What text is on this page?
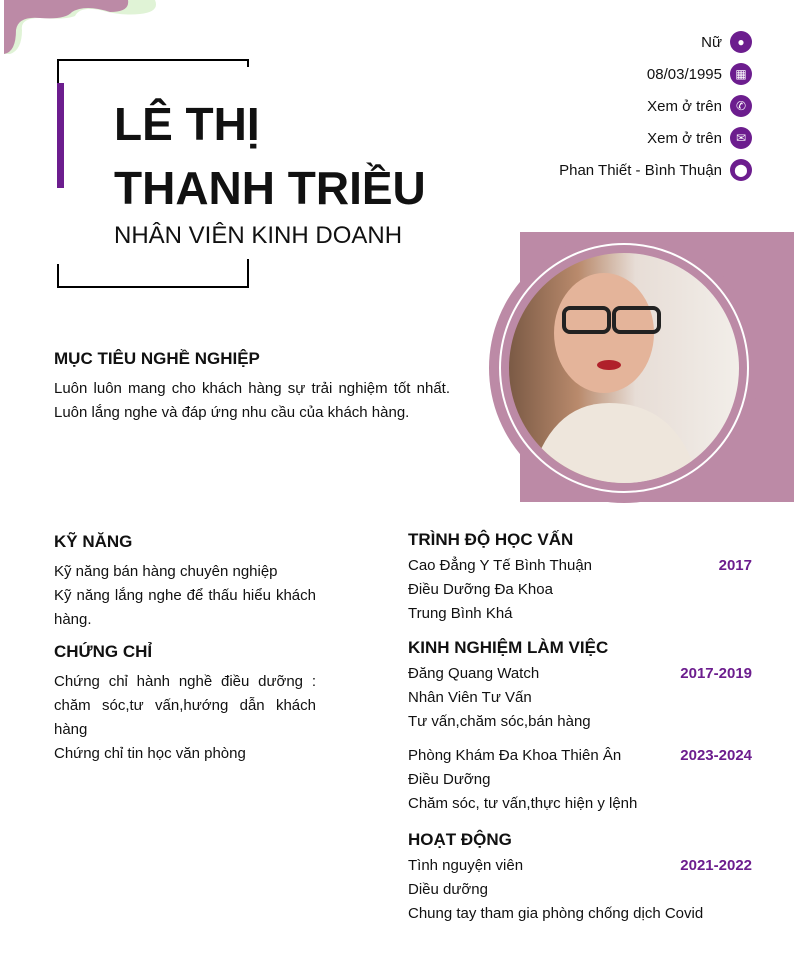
LÊ THỊ
THANH TRIỀU
NHÂN VIÊN KINH DOANH
Nữ	●
08/03/1995	▦
Xem ở trên	✆
Xem ở trên	✉
Phan Thiết - Bình Thuận	⬤
MỤC TIÊU NGHỀ NGHIỆP

Luôn luôn mang cho khách hàng sự trải nghiệm tốt nhất. Luôn lắng nghe và đáp ứng nhu cầu của khách hàng.

KỸ NĂNG

Kỹ năng bán hàng chuyên nghiệp

Kỹ năng lắng nghe để thấu hiểu khách hàng.

CHỨNG CHỈ

Chứng chỉ hành nghề điều dưỡng : chăm sóc,tư vấn,hướng dẫn khách hàng

Chứng chỉ tin học văn phòng

TRÌNH ĐỘ HỌC VẤN
Cao Đẳng Y Tế Bình Thuận	2017
Điều Dưỡng Đa Khoa
Trung Bình Khá
KINH NGHIỆM LÀM VIỆC
Đăng Quang Watch	2017-2019
Nhân Viên Tư Vấn
Tư vấn,chăm sóc,bán hàng
Phòng Khám Đa Khoa Thiên Ân	2023-2024
Điều Dưỡng
Chăm sóc, tư vấn,thực hiện y lệnh
HOẠT ĐỘNG
Tình nguyện viên	2021-2022
Diều dưỡng
Chung tay tham gia phòng chống dịch Covid
